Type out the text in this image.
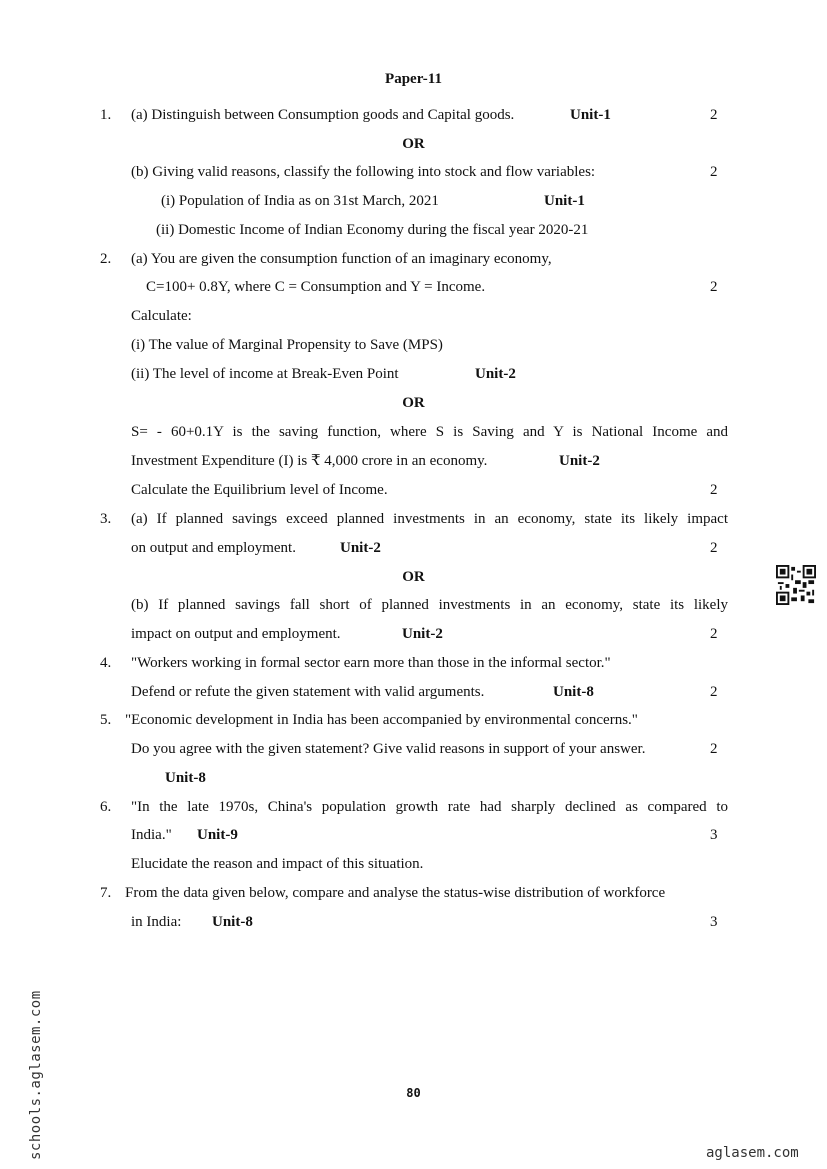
Paper-11
1. (a) Distinguish between Consumption goods and Capital goods.	Unit-1	2
OR
(b) Giving valid reasons, classify the following into stock and flow variables:	2
(i) Population of India as on 31st March, 2021	Unit-1
(ii) Domestic Income of Indian Economy during the fiscal year 2020-21
2. (a) You are given the consumption function of an imaginary economy,
C=100+ 0.8Y, where C = Consumption and Y = Income.	2
Calculate:
(i) The value of Marginal Propensity to Save (MPS)
(ii) The level of income at Break-Even Point	Unit-2
OR
S= - 60+0.1Y is the saving function, where S is Saving and Y is National Income and
Investment Expenditure (I) is ₹ 4,000 crore in an economy.	Unit-2
Calculate the Equilibrium level of Income.	2
3. (a) If planned savings exceed planned investments in an economy, state its likely impact
on output and employment.	Unit-2	2
OR
(b) If planned savings fall short of planned investments in an economy, state its likely
impact on output and employment.	Unit-2	2
4. "Workers working in formal sector earn more than those in the informal sector."
Defend or refute the given statement with valid arguments.	Unit-8	2
5. "Economic development in India has been accompanied by environmental concerns."
Do you agree with the given statement? Give valid reasons in support of your answer.	2
Unit-8
6. "In the late 1970s, China's population growth rate had sharply declined as compared to
India." Unit-9	3
Elucidate the reason and impact of this situation.
7. From the data given below, compare and analyse the status-wise distribution of workforce
in India: Unit-8	3
80
schools.aglasem.com	aglasem.com
